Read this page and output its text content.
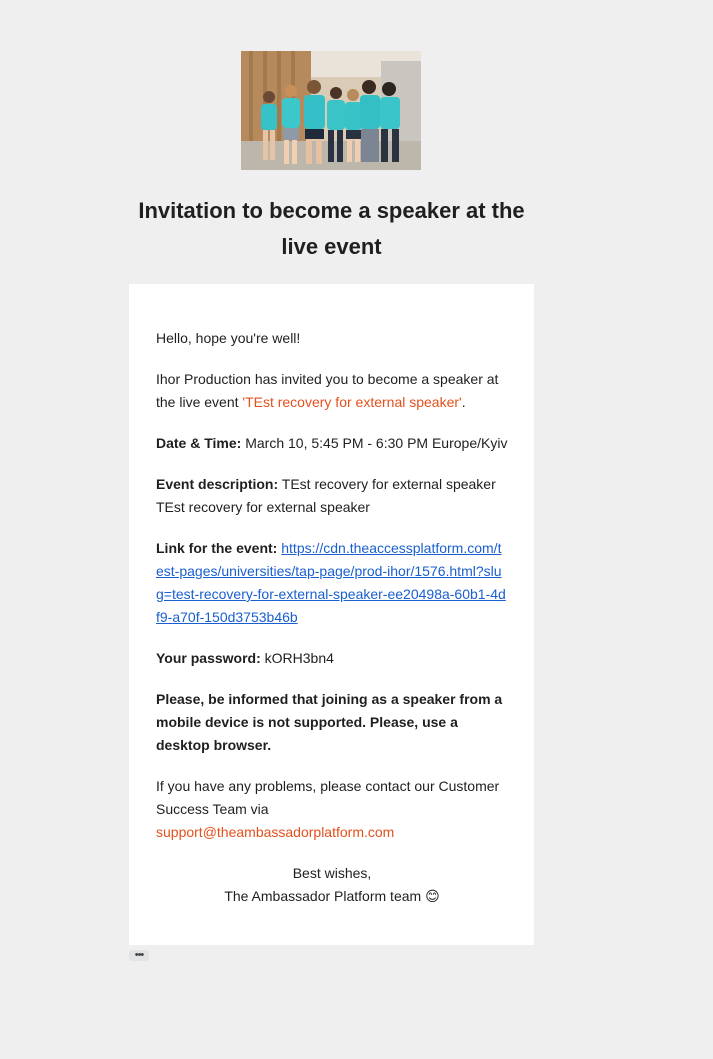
Invitation to become a speaker at the live event

Hello, hope you're well!

Ihor Production has invited you to become a speaker at the live event 'TEst recovery for external speaker'.

Date & Time: March 10, 5:45 PM - 6:30 PM Europe/Kyiv

Event description: TEst recovery for external speaker TEst recovery for external speaker

Link for the event: https://cdn.theaccessplatform.com/test-pages/universities/tap-page/prod-ihor/1576.html?slug=test-recovery-for-external-speaker-ee20498a-60b1-4df9-a70f-150d3753b46b

Your password: kORH3bn4

Please, be informed that joining as a speaker from a mobile device is not supported. Please, use a desktop browser.

If you have any problems, please contact our Customer Success Team via
support@theambassadorplatform.com

Best wishes,
The Ambassador Platform team 😊
•••
